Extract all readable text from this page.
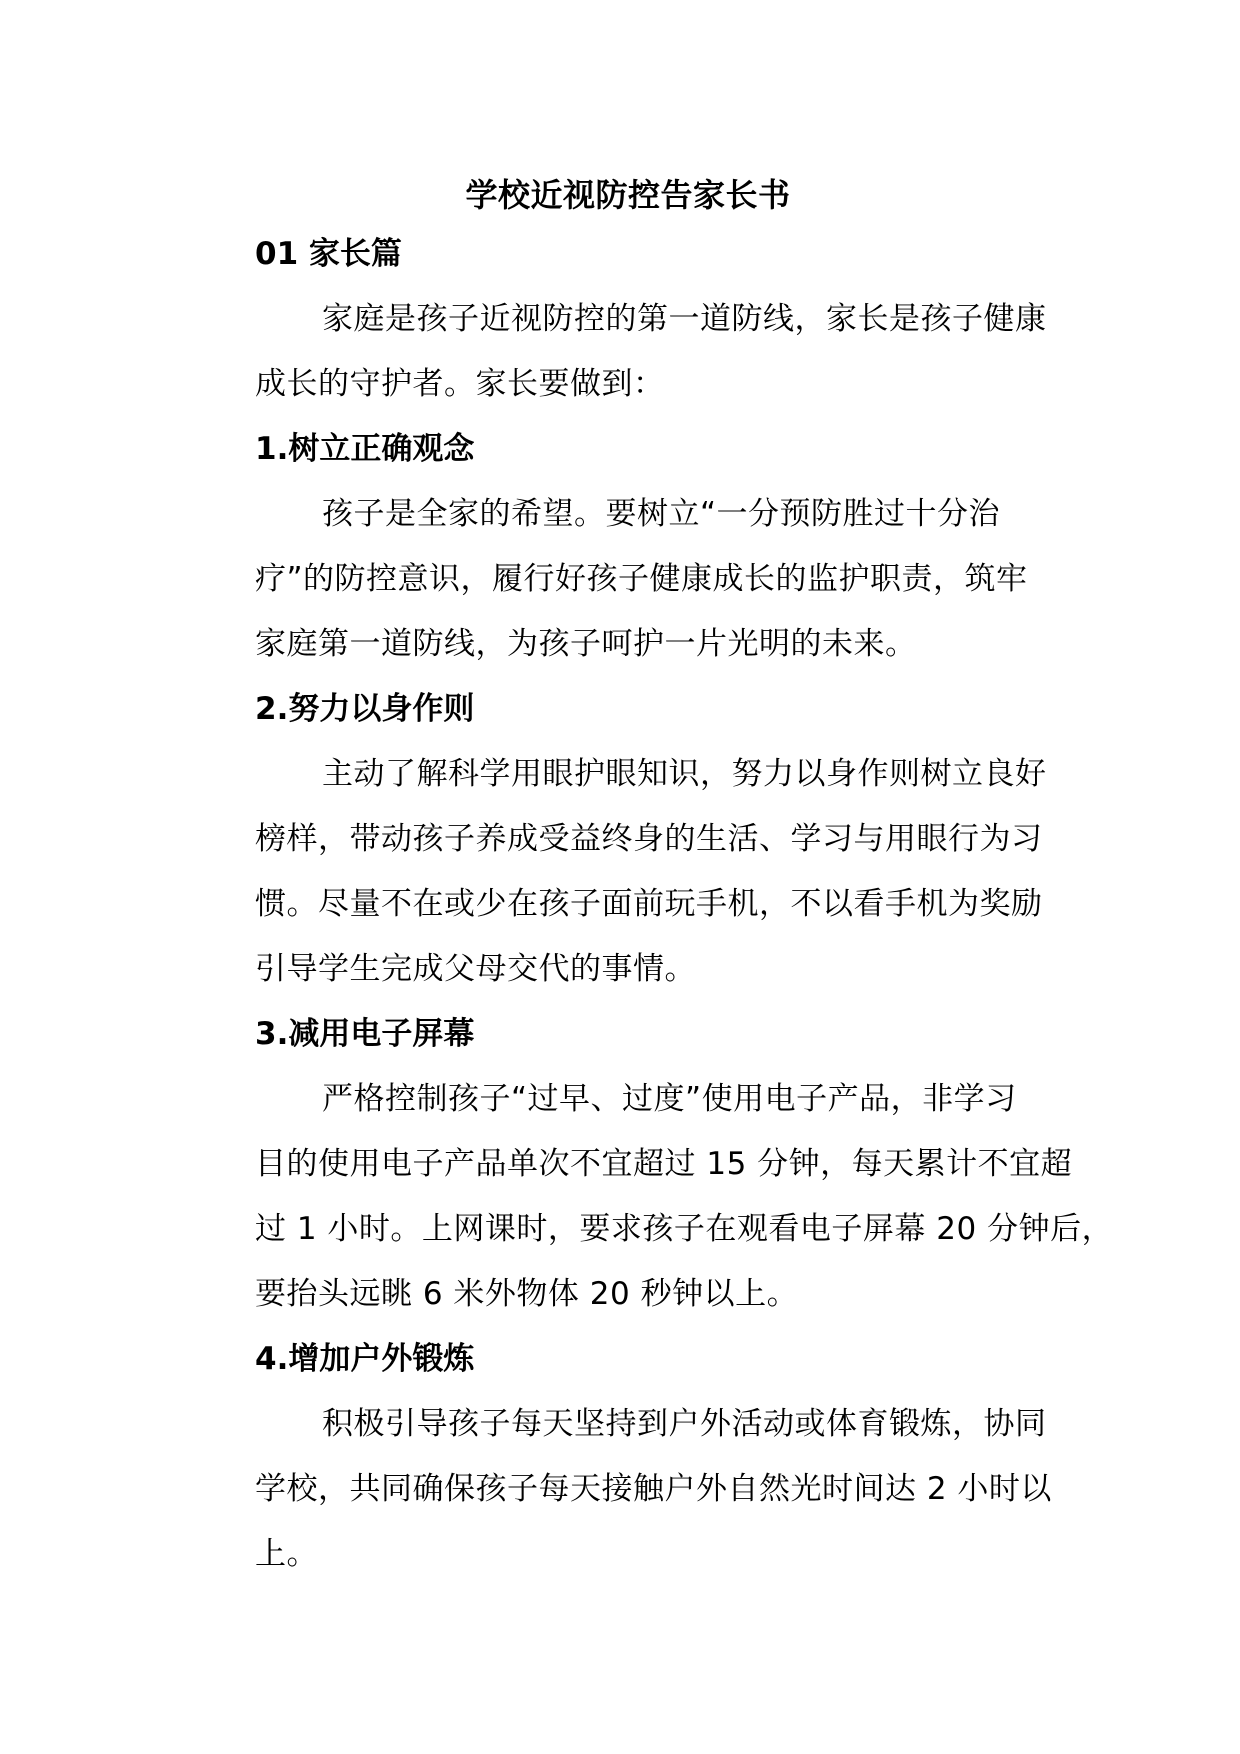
学校近视防控告家长书
01 家长篇
家庭是孩子近视防控的第一道防线，家长是孩子健康
成长的守护者。家长要做到：
1.树立正确观念
孩子是全家的希望。要树立“一分预防胜过十分治
疗”的防控意识，履行好孩子健康成长的监护职责，筑牢
家庭第一道防线，为孩子呵护一片光明的未来。
2.努力以身作则
主动了解科学用眼护眼知识，努力以身作则树立良好
榜样，带动孩子养成受益终身的生活、学习与用眼行为习
惯。尽量不在或少在孩子面前玩手机，不以看手机为奖励
引导学生完成父母交代的事情。
3.减用电子屏幕
严格控制孩子“过早、过度”使用电子产品，非学习
目的使用电子产品单次不宜超过 15 分钟，每天累计不宜超
过 1 小时。上网课时，要求孩子在观看电子屏幕 20 分钟后，
要抬头远眺 6 米外物体 20 秒钟以上。
4.增加户外锻炼
积极引导孩子每天坚持到户外活动或体育锻炼，协同
学校，共同确保孩子每天接触户外自然光时间达 2 小时以
上。
